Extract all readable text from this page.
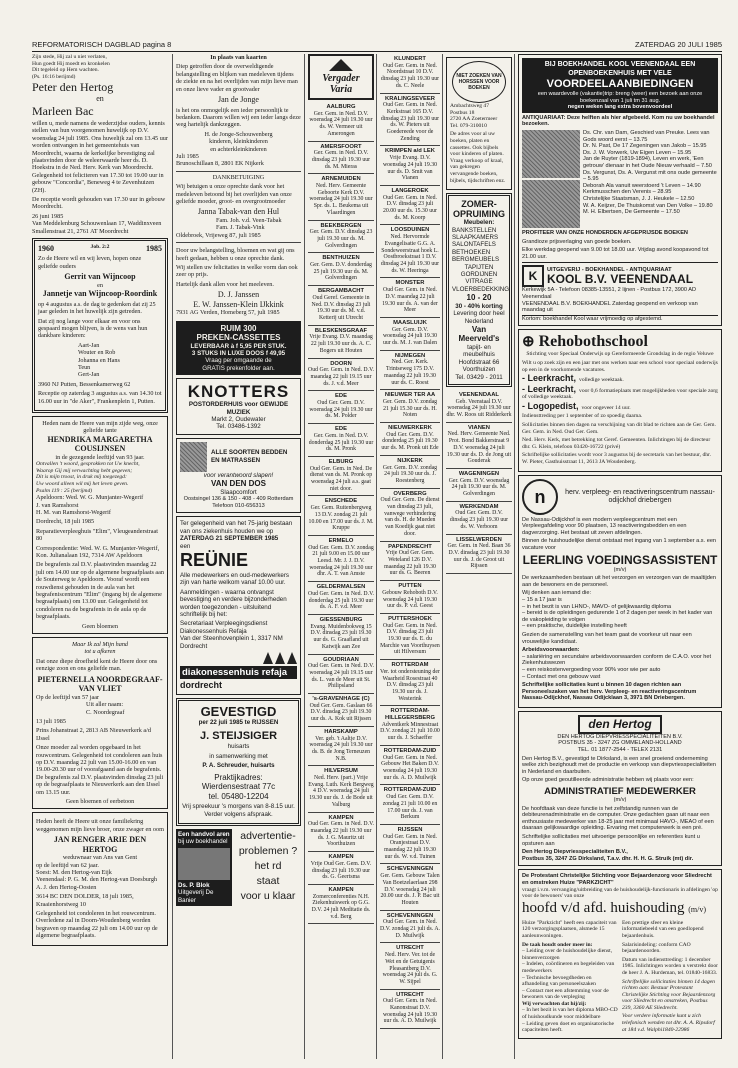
REFORMATORISCH DAGBLAD pagina 8	ZATERDAG 20 JULI 1985
Zijn stede, Hij zal u niet verlaten,
Hun goedt Hij moedt en kronkelen
Dit tegeleid op Hem wachten.
(Ps. 16:16 berijmd)
Peter den Hertog
en
Marleen Bac
willen u, mede namens de wederzijdse ouders, kennis stellen van hun voorgenomen huwelijk op D.V. woensdag 24 juli 1985. Ons huwelijk zal om 13.45 uur worden ontvangen in het gemeentehuis van Moordrecht, waarna de kerkelijke bevestiging zal plaatsvinden door de weleerwaarde heer ds. D. Hoekstra in de Ned. Herv. Kerk van Moordrecht. Gelegenheid tot feliciteren van 17.30 tot 19.00 uur in gebouw "Concordia", Beneweg 4 te Zevenhuizen (ZH).
De receptie wordt gehouden van 17.30 uur in gebouw Moordrecht.
26 juni 1985
Van Meddelenburg Schouwenlaan 17, Waddinxveen
Smallenstraat 21, 2761 AT Moordrecht
1960	Job. 2:2	1985
Zo de Heere wil en wij leven, hopen onze geliefde ouders
Gerrit van Wijncoop
en
Jannetje van Wijncoop-Roordink
op 4 augustus a.s. de dag te gedenken dat zij 25 jaar geleden in het huwelijk zijn getreden.
Dat zij nog lange voor elkaar en voor ons gespaard mogen blijven, is de wens van hun dankbare kinderen:
Aart-Jan
Wouter en Rob
Johanna en Hans
Teun
Gert-Jan
3960 NJ Putten, Bessenkamerweg 62
Receptie op zaterdag 3 augustus a.s. van 14.30 tot 16.00 uur in "de Aker", Frankenplein 1, Putten.
Heden nam de Heere van mijn zijde weg, onze geliefde tante
HENDRIKA MARGARETHA COUSIJNSEN
in de gezegende leeftijd van 93 jaar.
Ontvallen 't woord, gesprokken tot Uw knecht,
Waarop Gij mij verwachting hebt gegeven;
Dit is mijn troost, in druk mij toegezegd:
Uw woord alleen wil mij het leven geven.
Psalm 119 : 25 (berijmd)
Apeldoorn: Wed. W. G. Munjanter-Wegerif
J. van Ramshorst
H. M. van Ramshorst-Wegerif
Dordrecht, 18 juli 1985
Reparatieverpleeghuis "Elim", Vleugeanderstraat 80
Correspondentie: Wed. W. G. Munjanter-Wegerif, Kon. Julianalaan 192, 7314 AW Apeldoorn
De begrafenis zal D.V. plaatsvinden maandag 22 juli om 14.00 uur op de algemene begraafplaats aan de Souterweg te Apeldoorn. Vooraf wordt een rouwdienst gehouden in de aula van het begrafeniscentrum "Elim" (ingang bij de algemene begraafplaats) om 13.00 uur. Gelegenheid tot condoleren na de begrafenis in de aula op de begraafplaats.
Geen bloemen
Maar Ik zal Mijn hand
tot u afkeren
Dat onze diepe droefheid kent de Heere door ons eenzige zoon en ons geliefde man.
PIETERNELLA NOORDEGRAAF-VAN VLIET
Op de leeftijd van 57 jaar
Uit aller naam:
C. Noordegraaf
13 juli 1985
Prins Johanstraat 2, 2813 AB Nieuwerkerk a/d IJssel
Onze moeder zal worden opgebaard in het rouwcentrum. Gelegenheid tot condoleren aan huis op D.V. maandag 22 juli van 15.00-16.00 en van 19.00-20.30 uur of voorafgaand aan de begrafenis. De begrafenis zal D.V. plaatsvinden dinsdag 23 juli op de begraafplaats te Nieuwerkerk aan den IJssel om 13.15 uur.
Geen bloemen of eerbetoon
Heden heeft de Heere uit onze familiekring weggenomen mijn lieve broer, onze zwager en oom
JAN RENGER ARIE DEN HERTOG
weduwnaar van Ans van Gent
op de leeftijd van 62 jaar.
Soest: M. den Hertog-van Eijk
Veenendaal: P. G. M. den Hertog-van Doesburgh
A. J. den Hertog-Oosten
3614 BC DEN DOLDER, 18 juli 1985, Kraaienhorstweg 10
Gelegenheid tot condoleren in het rouwcentrum. Overledene zal in Doorn-Woudenberg worden begraven op maandag 22 juli om 14.00 uur op de algemene begraafplaats.
In plaats van kaarten
Diep getroffen door de overweldigende belangstelling en blijken van medeleven tijdens de ziekte en na het overlijden van mijn lieve man en onze lieve vader en grootvader
Jan de Jonge
is het ons onmogelijk een ieder persoonlijk te bedanken. Daarom willen wij een ieder langs deze weg hartelijk dankzeggen.
H. de Jonge-Schouwenberg
kinderen, kleinkinderen
en achterkleinkinderen
Juli 1985
Brunoschillaan 8, 2801 EK Nijkerk
DANKBETUIGING
Wij betuigen u onze oprechte dank voor het medeleven betoond bij het overlijden van onze geliefde moeder, groot- en overgrootmoeder
Janna Tabak-van den Hul
Fam. Joh. v.d. Veen-Tabak
Fam. J. Tabak-Vink
Oldebroek, Vrijeweg 87, juli 1985
Door uw belangstelling, bloemen en wat gij ons heeft gedaan, hebben u onze oprechte dank.
Wij stellen uw felicitaties in welke vorm dan ook zeer op prijs.
Hartelijk dank allen voor het meeleven.
D. J. Janssen
E. W. Janssen-Klein IJkkink
7931 AG Verden, Homeberg 57, juli 1985
RUIM 300
PREKEN-CASSETTES
LEVERBAAR à f 5,95 PER STUK.
3 STUKS IN LUXE DOOS f 49,95
Vraag per omgaande de
GRATIS prekenfolder aan.
KNOTTERS
POSTORDERHUIS voor GEWIJDE MUZIEK
Markt 2, Oudewater
Tel. 03486-1392
ALLE SOORTEN BEDDEN EN MATRASSEN
voor verantwoord slapen!
VAN DEN DOS
Slaapcomfort
Oostsingel 136 & 150 - 408 - 409 Rotterdam Telefoon 010-656313
Ter gelegenheid van het 75-jarig bestaan van ons ziekenhuis houden we op
ZATERDAG 21 SEPTEMBER 1985
een
REÜNIE
Alle medewerkers en oud-medewerkers zijn van harte welkom vanaf 10.00 uur.
Aanmeldingen - waarna ontvangst bevestiging en verdere bijzonderheden worden toegezonden - uitsluitend schriftelijk bij het:
Secretariaat Verpleegingsdienst Diakonessenhuis Refaja
Van der Steenhovenplein 1, 3317 NM Dordrecht
diakonessenhuis refaja
dordrecht
GEVESTIGD
per 22 juli 1985 te RIJSSEN
J. STEIJSIGER
huisarts
in samenwerking met
P. A. Schreuder, huisarts
Praktijkadres:
Wierdensestraat 77c
tel. 05480-12204
Vrij spreekuur 's morgens van 8-8.15 uur. Verder volgens afspraak.
Een handvol aren
bij uw boekhandel
Ds. P. Blok
Uitgeverij De Banier
advertentie-
problemen ?
het rd
staat
voor u klaar
Vergader
Varia
AALBURG
Ger. Gem. in Ned. D.V. woensdag 24 juli 19.30 uur ds. W. Vermeer uit Amerongen
AMERSFOORT
Ger. Gem. in Ned. D.V. dinsdag 23 juli 19.30 uur ds. M. Mieras
ARNEMUIDEN
Ned. Herv. Gemeente Geboorte Kerk D.V. woensdag 24 juli 19.30 uur Spr. ds. L. Beukema uit Vlaardingen
BEEKBERGEN
Ger. Gem. D.V. dinsdag 23 juli 19.30 uur ds. M. Golverdingen
BENTHUIZEN
Ger. Gem. D.V. donderdag 25 juli 19.30 uur ds. M. Golverdingen
BERGAMBACHT
Oud Geref. Gemeente in Ned. D.V. dinsdag 23 juli 19.30 uur ds. M. v.d. Ketterij uit Utrecht
BLESKENSGRAAF
Vrije Evang. D.V. maandag 22 juli 19.30 uur ds. A. C. Bogers uit Houten
DOORN
Oud Ger. Gem. in Ned. D.V. maandag 22 juli 19.15 uur ds. J. v.d. Meer
EDE
Oud Ger. Gem. D.V. woensdag 24 juli 19.30 uur ds. M. Polder
EDE
Ger. Gem. in Ned. D.V. donderdag 25 juli 19.30 uur ds. M. Pronk
ELBURG
Oud Ger. Gem. in Ned. De dienst van ds. M. Pronk op woensdag 24 juli a.s. gaat niet door.
ENSCHEDE
Ger. Gem. Ruitenbergweg 13 D.V. zondag 21 juli 10.00 en 17.00 uur ds. J. M. Kruppe
ERMELO
Oud Ger. Gem. D.V. zondag 21 juli 9.00 en 15.00 uur Leesd. Mr. J. J. D.V. woensdag 24 juli 19.30 uur dhr. A. T. van Amste
GELDERMALSEN
Oud Ger. Gem. in Ned. D.V. donderdag 25 juli 19.30 uur ds. A. F. v.d. Meer
GIESSENBURG
Evang. Muidenbokweg 15 D.V. dinsdag 23 juli 19.30 uur ds. G. Graafland uit Katwijk aan Zee
GOUDRIAAN
Oud Ger. Gem. in Ned. D.V. woensdag 24 juli 19.15 uur ds. L. van de Meer uit St. Philipsland
's-GRAVENHAGE (C)
Oud Ger. Gem. Gaslaan 66 D.V. dinsdag 23 juli 19.30 uur ds. A. Kok uit Rijssen
HARSKAMP
Ver. geb. 't Aaltje D.V. woensdag 24 juli 19.30 uur ds. B. de Jong Terneuzen N.B.
HILVERSUM
Ned. Herv. (part.) Vrije Evang. Luth. Kerk Bergweg 4 D.V. woensdag 24 juli 19.30 uur ds. J. de Bode uit Valburg
KAMPEN
Oud Ger. Gem. in Ned. D.V. maandag 22 juli 19.30 uur ds. J. G. Mauritz uit Voorthuizen
KAMPEN
Vrije Oud Ger. Gem. D.V. dinsdag 23 juli 19.30 uur ds. G. Geertsma
KAMPEN
Zomerconferenties N.H. Ziekenhuiswerk op G.G. D.V. 24 juli Meditatie ds. v.d. Berg
KLUNDERT
Oud Ger. Gem. in Ned. Noordstraat 10 D.V. dinsdag 23 juli 19.30 uur ds. C. Neele
KRALINGSEVEER
Oud Ger. Gem. in Ned. Kerkstraat 165 D.V. dinsdag 23 juli 19.30 uur ds. W. Pieters uit Goedereede voor de Zending
KRIMPEN a/d LEK
Vrije Evang. D.V. woensdag 24 juli 19.30 uur ds. D. Smit van Vianen
LANGEROEK
Oud Ger. Gem. in Ned. D.V. dinsdag 23 juli 20.00 uur ds. 15.30 uur ds. M. Koorp
LOOSDUINEN
Ned. Hervormde Evangelisatie G.G. A. Sondeweerstraat hoek L. Oostbroekstraat 1 D.V. dinsdag 24 juli 19.30 uur ds. W. Heeringa
MONSTER
Oud Ger. Gem. in Ned. D.V. maandag 22 juli 19.30 uur ds. A. van der Meer
MAASLUIJK
Ger. Gem. D.V. woensdag 24 juli 19.30 uur ds. M. J. van Dalen
NIJMEGEN
Ned. Ger. Kerk. Trintseweg 175 D.V. maandag 22 juli 19.30 uur ds. C. Roest
NIEUWER TER AA
Ger. Gem. D.V. zondag 21 juli 15.30 uur ds. H. Noten
NIEUWERKERK
Oud Ger. Gem. D.V. donderdag 25 juli 19.30 uur ds. M. Pronk uit Ede
NIJKERK
Ger. Gem. D.V. zondag 24 juli 19.30 uur ds. J. Roestenberg
OVERBERG
Oud Ger. Gem. De dienst van dinsdag 23 juli, vanwege verhindering van ds. H. de Mueden van Koedijk gaat niet door.
PAPENDRECHT
Vrije Oud Ger. Gem. Weteland 126 D.V. maandag 22 juli 19.30 uur ds. G. Beeren
PUTTEN
Gebouw Rehoboth D.V. woensdag 24 juli 19.30 uur ds. P. v.d. Geest
PUTTERSHOEK
Oud Ger. Gem. in Ned. D.V. dinsdag 23 juli 19.30 uur ds. E. du Marchie van Voorthuysen uit Hilversum
ROTTERDAM
Ver. tot ondersteuning der Waarheid Rosestraat 40 D.V. dinsdag 23 juli 19.30 uur ds. J. Westerink
ROTTERDAM-HILLEGERSBERG
Adventkerk Minnestraat D.V. zondag 21 juli 10.00 uur ds. J. Schaeffer
ROTTERDAM-ZUID
Oud Ger. Gem. in Ned. Gebouw Het Baken D.V. woensdag 24 juli 19.30 uur ds. A. D. Muilwijk
ROTTERDAM-ZUID
Oud Ger. Gem. D.V. zondag 21 juli 10.00 en 17.00 uur ds. J. van Berkum
RIJSSEN
Oud Ger. Gem. in Ned. Oranjestraat D.V. maandag 22 juli 19.30 uur ds. W. v.d. Tuinen
SCHEVENINGEN
Ger. Gem. Gebouw Talen Van Boetzelaerlaan 298 D.V. woensdag 24 juli 20.00 uur ds. J. P. Bac uit Houten
SCHEVENINGEN
Oud Ger. Gem. in Ned. D.V. zondag 21 juli ds. A. D. Muilwijk
UTRECHT
Ned. Herv. Ver. tot de Wet en de Getuigenis Pleasantberg D.V. woensdag 24 juli ds. G. W. Sijpel
UTRECHT
Oud Ger. Gem. in Ned. Kanonstraat D.V. woensdag 24 juli 19.30 uur ds. A. D. Muilwijk
NIET ZOEKEN VAN HORSSEN VOOR BOEKEN
Ambachtsweg 47
Postbus 18
2720 AA Zoetermeer
Tel. 079-310010
De adres voor al uw boeken, platen en cassettes. Ook bijbels voor kinderen of platen. Vraag verkoop of kraal, van gekregen vervangende boeken, bijbels, tijdschriften enz.
ZOMER-OPRUIMING
Meubelen:
BANKSTELLEN
SLAAPKAMERS
SALONTAFELS
BETHOEKEN
BERGMEUBELS
TAPIJTEN
GORDIJNEN
VITRAGE
VLOERBEDEKKING
10 - 20
30 - 40% korting
Levering door heel Nederland
Van
Meerveld's
tapijt- en meubelhuis
Hoofdstraat 66 Voorthuizen
Tel. 03429 - 2011
VEENENDAAL
Geb. Veenstaal D.V. woensdag 24 juli 19.30 uur dhr. W. Roos uit Ridderkerk
VIANEN
Ned. Herv. Gemeente Ned. Prot. Bond Bakkerstraat 9 D.V. woensdag 24 juli 19.30 uur ds. D. de Jong uit Gouderak
WAGENINGEN
Ger. Gem. D.V. woensdag 24 juli 19.30 uur ds. M. Golverdingen
WERKENDAM
Oud Ger. Gem. D.V. dinsdag 23 juli 19.30 uur ds. W. Verboom
LISSELWERDEN
Ger. Gem. in Ned. Baan 36 D.V. dinsdag 23 juli 19.30 uur ds. J. de Groot uit Rijssen
BIJ BOEKHANDEL KOOL VEENENDAAL EEN
OPENBOEKENHUIS MET VELE
VOORDEELAANBIEDINGEN
een waardevolle (vakantie)trip: breng (weer) een bezoek aan onze boekenzaal van 1 juli tm 31 aug.
negen weken lang extra bovenvoordeel
ANTIQUARIAAT: Deze helften als hier afgebeeld. Kom nu uw boekhandel bezoeken.
Ds. Chr. van Dam, Geschied van Preuke. Lees van Gods woord eerst – 13.75
Dr. N. Past, De 17 Zegeningen van Jakob – 15.95
Ds. J. W. Vorwerk, Uw Eigen Leven – 15.95
Jan de Ruyter (1819-1894), Leven en werk, 'Een getrouw' dienaar in het Oude Nieuw verhaald – 7.50
Ds. Vergunst, Ds. A. Vergunst mit ons oude gemeente – 5.95
Deborah Ala vanuit weerstoerd 't Leven – 14.90
Kerkmusschen den Verenis – 28.95
Christelijke Staatsman, J. J. Heukele – 12.50
W. A. Keijzer, De Thuiskomst van Den Volke – 19.80
M. H. Elbertsen, De Gemeente – 17.50
PROFITEER VAN ONZE HONDERDEN AFGEPRIJSDE BOEKEN
Grandioze prijsverlaging van goede boeken.
Elke werkdag geopend van 9.00 tot 18.00 uur. Vrijdag avond koopavond tot 21.00 uur.
K	UITGEVERIJ - BOEKHANDEL - ANTIQUARIAAT
KOOL B.V. VEENENDAAL
Kerkewijk 5A - Telefoon 08385-13551, 2 lijnen - Postbus 172, 3900 AD Veenendaal
VEENENDAAL B.V. BOEKHANDEL Zaterdag geopend en verkoop van maandag uit
Kortom: boekhandel Kool waar vrijmoedig op afgestemd.
⊕ Rehobothschool
Stichting voor Speciaal Onderwijs op Gereformeerde Grondslag in de regio Veluwe
Wilt u op zoek zijn en een jaar met ons werken naar een school voor speciaal onderwijs op een in de voorkomende vacatures.
- Leerkracht, volledige weektaak.
- Leerkracht, voor 0,6 formatieplaats met mogelijkheden voor speciale zorg of volledige weektaak.
- Logopedist, voor ongeveer 14 uur.
Indiensttreding per 1 september of zo spoedig daarna.
Sollicitaties binnen tien dagen na verschijning van dit blad te richten aan de Ger. Gem. Ger. Gem. in Ned. Oud Ger. Gem.
Ned. Herv. Kerk, met betrekking tot Geref. Gemeenten. Inlichtingen bij de directeur dhr. G. Klein, telefoon 03420-16722 (privé)
Schriftelijke sollicitaties wordt voor 3 augustus bij de secretaris van het bestuur, dhr. W. Pieter, Gasthuisstraat 11, 2613 JA Woudenberg.
n	herv. verpleeg- en reactiveringscentrum nassau-odijckhof driebergen
De Nassau-Odijckhof is een modern verpleegcentrum met een Verpleegafdeling voor 90 plaatsen, 13 reactiveringsbedden en een dagverzorging. Het bestaat uit zeven afdelingen.
Binnen de huishoudelijke dienst ontstaat met ingang van 1 september a.s. een vacature voor
LEERLING VOEDINGSASSISTENT
(m/v)
De werkzaamheden bestaan uit het verzorgen en verzorgen van de maaltijden aan de bewoners en de personeel.
Wij denken aan iemand die:
– 15 a 17 jaar is
– in het bezit is van LHNO-, MAVO- of gelijkwaardig diploma
– bereid is de opleidingen gedurende 1 of 2 dagen per week in het kader van de vakopleiding te volgen
– een praktische, duidelijke instelling heeft
Gezien de samenstelling van het team gaat de voorkeur uit naar een vrouwelijke kandidaat.
Arbeidsvoorwaarden:
– salariëring en secundaire arbeidsvoorwaarden conform de C.A.O. voor het Ziekenhuiswezen
– een reiskostenvergoeding voor 90% voor wie per auto
– Contact met ons gebouw vast
Schriftelijke sollicitaties kunt u binnen 10 dagen richten aan Personeelszaken van het herv. Verpleeg- en reactiveringscentrum Nassau-Odijckhof, Nassau Odijcklaan 3, 3971 BN Driebergen.
den Hertog
DEN HERTOG DIEPVRIESSPECIALITEITEN B.V.
POSTBUS 35 - 3247 ZG OMMELAND-HOLLAND
TEL. 01 1877-2544 - TELEX 2131
Den Hertog B.V., gevestigd te Dirksland, is een snel groeiend onderneming welke zich bezighoudt met de productie en verkoop van diepvriesspecialiteiten in Nederland en daarbuiten.
Op onze goed geoutilleerde administratie hebben wij plaats voor een:
ADMINISTRATIEF MEDEWERKER
(m/v)
De hoofdtaak van deze functie is het zelfstandig runnen van de debiteurenadministratie en de computer. Onze gedachten gaan uit naar een enthousiaste medewerker van 18-25 jaar met minimaal HAVO-, MEAO of een daaraan gelijkwaardige opleiding. Ervaring met computerwerk is een pré.
Schriftelijke sollicitaties met uitvoerige persoonlijke en referenties kunt u opsturen aan
Den Hertog Diepvriesspecialiteiten B.V.,
Postbus 35, 3247 ZG Dirksland, T.a.v. dhr. H. H. G. Struik (mt) dir.
De Protestant Christelijke Stichting voor Bejaardenzorg voor Sliedrecht en omstreken Huize "PARKZICHT"
vraagt i.v.m. vervanging/uitbreiding van de huishoudelijk-functionaris in afdelingen 'op voor de bewoners' van onze
hoofd v/d afd. huishouding (m/v)
Huize "Parkzicht" heeft een capaciteit van 120 verzorgingsplaatsen, alsmede 15 aanleunwoningen.
De taak houdt onder meer in:
– Leiding over de huishoudelijke dienst, binnenverzorgen
– Indelen, coördineren en begeleiden van medewerkers
– Technische bevoegdheden en afhandeling van personeelszaken
– Contact met een afstemming voor de bewoners van de verpleging
Wij verwachten dat hij/zij:
– In het bezit is van het diploma MBO-CD of huishoudkunde voor middelbare
– Leiding geven doet en organisatorische capaciteiten heeft.
Een prettige sfeer en kleine informatiebeeld van een goedlopend bejaardenhuis.
Salarisindeling: conform CAO bejaardenoorden.
Datum van indiensttreding: 1 december 1985. Inlichtingen worden u verstrekt door de heer J. A. Hurdeman, tel. 01840-16833.
Schriftelijke sollicitaties binnen 14 dagen richten aan: Bestuur Protestant Christelijke Stichting voor Bejaardenzorg voor Sliedrecht en omstreken, Postbus 239, 3360 AE Sliedrecht.
Voor verdere informatie kunt u zich telefonisch wenden tot dhr. A. A. Ripsdorf at 184 v.d. Walphi1840-22986
